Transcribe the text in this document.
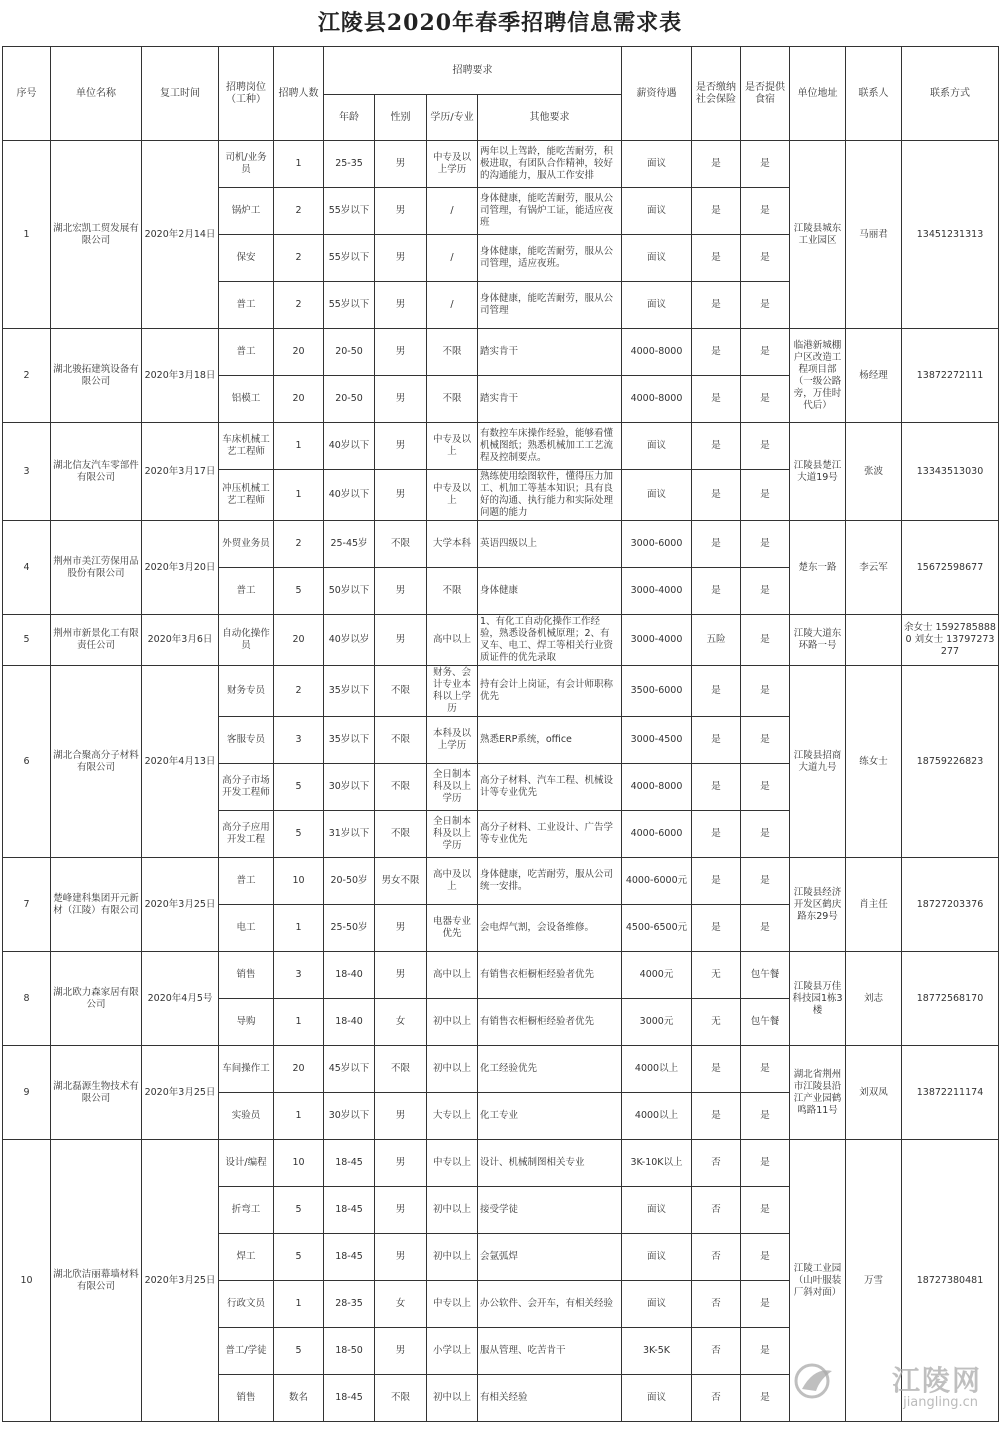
江陵县2020年春季招聘信息需求表
序号	单位名称	复工时间	招聘岗位（工种）	招聘人数	招聘要求				薪资待遇	是否缴纳社会保险	是否提供食宿	单位地址	联系人	联系方式
					年龄	性别	学历/专业	其他要求						
1	湖北宏凯工贸发展有限公司	2020年2月14日	司机/业务员	1	25-35	男	中专及以上学历	两年以上驾龄，能吃苦耐劳，积极进取，有团队合作精神，较好的沟通能力，服从工作安排	面议	是	是	江陵县城东工业园区	马丽君	13451231313
			锅炉工	2	55岁以下	男	/	身体健康，能吃苦耐劳，服从公司管理，有锅炉工证，能适应夜班	面议	是	是			
			保安	2	55岁以下	男	/	身体健康，能吃苦耐劳，服从公司管理，适应夜班。	面议	是	是			
			普工	2	55岁以下	男	/	身体健康，能吃苦耐劳，服从公司管理	面议	是	是			
2	湖北骏拓建筑设备有限公司	2020年3月18日	普工	20	20-50	男	不限	踏实肯干	4000-8000	是	是	临港新城棚户区改造工程项目部（一级公路旁，万佳时代后）	杨经理	13872272111
			铝模工	20	20-50	男	不限	踏实肯干	4000-8000	是	是			
3	湖北信友汽车零部件有限公司	2020年3月17日	车床机械工艺工程师	1	40岁以下	男	中专及以上	有数控车床操作经验，能够看懂机械图纸；熟悉机械加工工艺流程及控制要点。	面议	是	是	江陵县楚江大道19号	张波	13343513030
			冲压机械工艺工程师	1	40岁以下	男	中专及以上	熟练使用绘图软件，懂得压力加工、机加工等基本知识；具有良好的沟通、执行能力和实际处理问题的能力	面议	是	是			
4	荆州市美江劳保用品股份有限公司	2020年3月20日	外贸业务员	2	25-45岁	不限	大学本科	英语四级以上	3000-6000	是	是	楚东一路	李云军	15672598677
			普工	5	50岁以下	男	不限	身体健康	3000-4000	是	是			
5	荆州市新景化工有限责任公司	2020年3月6日	自动化操作员	20	40岁以岁	男	高中以上	1、有化工自动化操作工作经验，熟悉设备机械原理；2、有叉车、电工、焊工等相关行业资质证件的优先录取	3000-4000	五险	是	江陵大道东环路一号		余女士 15927858880 刘女士 13797273277
6	湖北合聚高分子材料有限公司	2020年4月13日	财务专员	2	35岁以下	不限	财务、会计专业本科以上学历	持有会计上岗证，有会计师职称优先	3500-6000	是	是	江陵县招商大道九号	练女士	18759226823
			客服专员	3	35岁以下	不限	本科及以上学历	熟悉ERP系统，office	3000-4500	是	是			
			高分子市场开发工程师	5	30岁以下	不限	全日制本科及以上学历	高分子材料、汽车工程、机械设计等专业优先	4000-8000	是	是			
			高分子应用开发工程	5	31岁以下	不限	全日制本科及以上学历	高分子材料、工业设计、广告学等专业优先	4000-6000	是	是			
7	楚峰建科集团开元新材（江陵）有限公司	2020年3月25日	普工	10	20-50岁	男女不限	高中及以上	身体健康，吃苦耐劳，服从公司统一安排。	4000-6000元	是	是	江陵县经济开发区鹤庆路东29号	肖主任	18727203376
			电工	1	25-50岁	男	电器专业优先	会电焊气割，会设备维修。	4500-6500元	是	是			
8	湖北欧力森家居有限公司	2020年4月5号	销售	3	18-40	男	高中以上	有销售衣柜橱柜经验者优先	4000元	无	包午餐	江陵县万佳科技园1栋3楼	刘志	18772568170
			导购	1	18-40	女	初中以上	有销售衣柜橱柜经验者优先	3000元	无	包午餐			
9	湖北磊源生物技术有限公司	2020年3月25日	车间操作工	20	45岁以下	不限	初中以上	化工经验优先	4000以上	是	是	湖北省荆州市江陵县沿江产业园鹤鸣路11号	刘双凤	13872211174
			实验员	1	30岁以下	男	大专以上	化工专业	4000以上	是	是			
10	湖北欣洁丽幕墙材料有限公司	2020年3月25日	设计/编程	10	18-45	男	中专以上	设计、机械制图相关专业	3K-10K以上	否	是	江陵工业园（山叶服装厂斜对面）	万雪	18727380481
			折弯工	5	18-45	男	初中以上	接受学徒	面议	否	是			
			焊工	5	18-45	男	初中以上	会氩弧焊	面议	否	是			
			行政文员	1	28-35	女	中专以上	办公软件、会开车，有相关经验	面议	否	是			
			普工/学徒	5	18-50	男	小学以上	服从管理、吃苦肯干	3K-5K	否	是			
			销售	数名	18-45	不限	初中以上	有相关经验	面议	否	是			
江陵网
jiangling.cn
